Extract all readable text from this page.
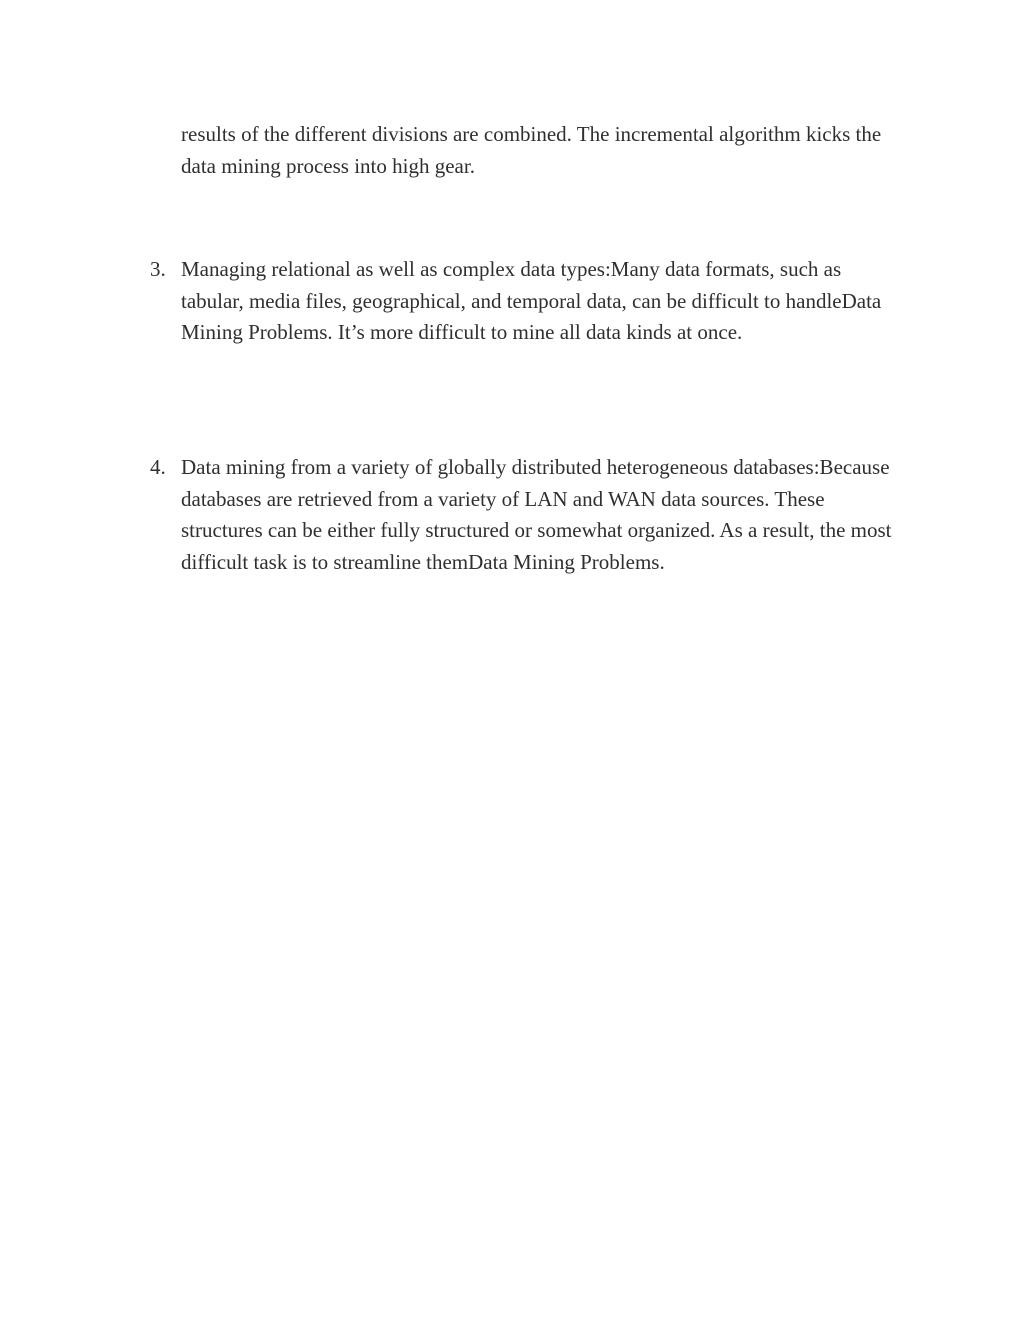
results of the different divisions are combined. The incremental algorithm kicks the data mining process into high gear.

3. Managing relational as well as complex data types:Many data formats, such as tabular, media files, geographical, and temporal data, can be difficult to handleData Mining Problems. It’s more difficult to mine all data kinds at once.

4. Data mining from a variety of globally distributed heterogeneous databases:Because databases are retrieved from a variety of LAN and WAN data sources. These structures can be either fully structured or somewhat organized. As a result, the most difficult task is to streamline themData Mining Problems.
